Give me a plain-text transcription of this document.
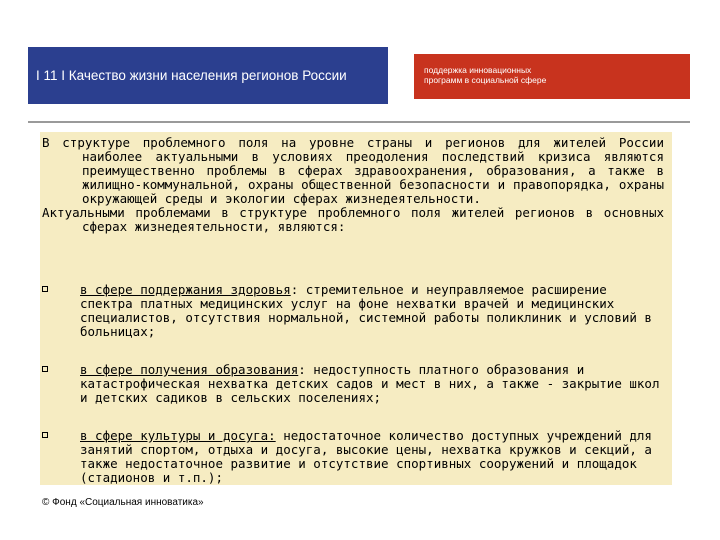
I 11 I Качество жизни населения регионов России	поддержка инновационных
программ в социальной сфере

В структуре проблемного поля на уровне страны и регионов для жителей России наиболее актуальными в условиях преодоления последствий кризиса являются преимущественно проблемы в сферах здравоохранения, образования, а также в жилищно-коммунальной, охраны общественной безопасности и правопорядка, охраны окружающей среды и экологии сферах жизнедеятельности.

Актуальными проблемами в структуре проблемного поля жителей регионов в основных сферах жизнедеятельности, являются:

в сфере поддержания здоровья: стремительное и неуправляемое расширение спектра платных медицинских услуг на фоне нехватки врачей и медицинских специалистов, отсутствия нормальной, системной работы поликлиник и условий в больницах;
в сфере получения образования: недоступность платного образования и катастрофическая нехватка детских садов и мест в них, а также - закрытие школ и детских садиков в сельских поселениях;
в сфере культуры и досуга: недостаточное количество доступных учреждений для занятий спортом, отдыха и досуга, высокие цены, нехватка кружков и секций, а также недостаточное развитие и отсутствие спортивных сооружений и площадок (стадионов и т.п.);
© Фонд «Социальная инноватика»
